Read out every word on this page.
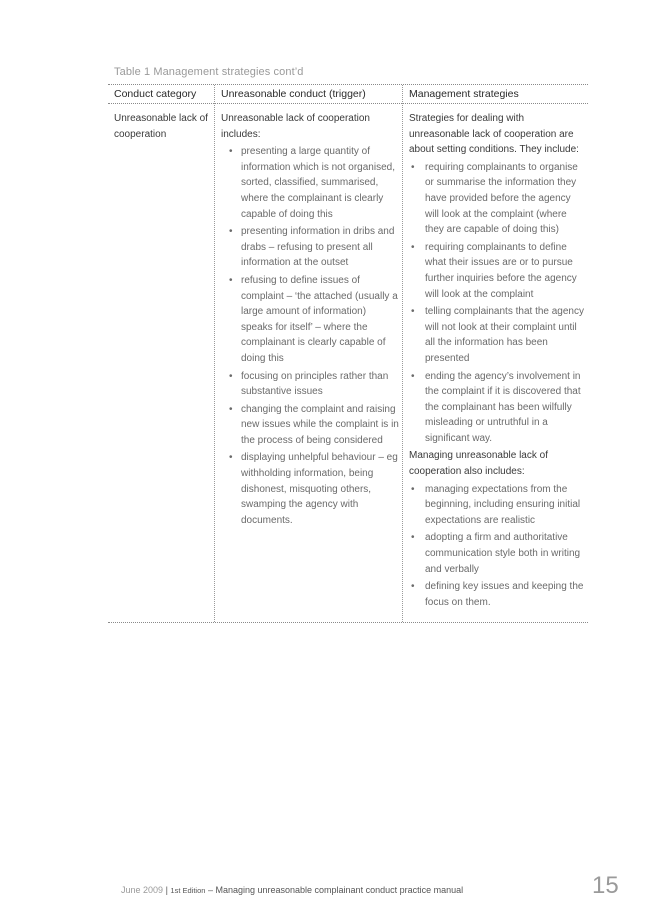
Table 1 Management strategies cont’d
Conduct category Unreasonable conduct (trigger)	Management strategies
Unreasonable lack of cooperation

Unreasonable lack of cooperation includes:

• presenting a large quantity of information which is not organised, sorted, classified, summarised, where the complainant is clearly capable of doing this
• presenting information in dribs and drabs – refusing to present all information at the outset
• refusing to define issues of complaint – ‘the attached (usually a large amount of information) speaks for itself’ – where the complainant is clearly capable of doing this
• focusing on principles rather than substantive issues
• changing the complaint and raising new issues while the complaint is in the process of being considered
• displaying unhelpful behaviour – eg withholding information, being dishonest, misquoting others, swamping the agency with documents.

Strategies for dealing with unreasonable lack of cooperation are about setting conditions. They include:

• requiring complainants to organise or summarise the information they have provided before the agency will look at the complaint (where they are capable of doing this)
• requiring complainants to define what their issues are or to pursue further inquiries before the agency will look at the complaint
• telling complainants that the agency will not look at their complaint until all the information has been presented
• ending the agency’s involvement in the complaint if it is discovered that the complainant has been wilfully misleading or untruthful in a significant way.

Managing unreasonable lack of cooperation also includes:

• managing expectations from the beginning, including ensuring initial expectations are realistic
• adopting a firm and authoritative communication style both in writing and verbally
• defining key issues and keeping the focus on them.
June 2009 | 1st Edition – Managing unreasonable complainant conduct practice manual	15
